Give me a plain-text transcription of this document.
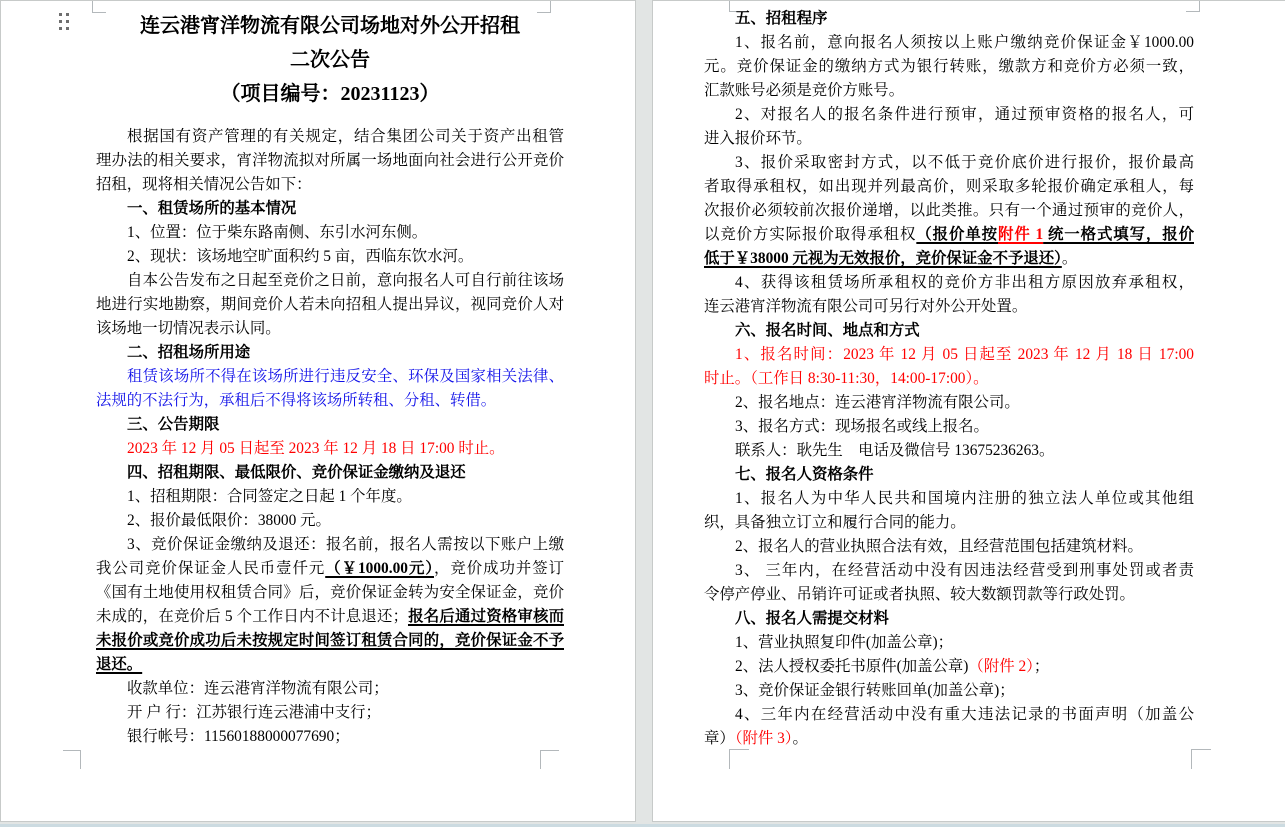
连云港宵洋物流有限公司场地对外公开招租
二次公告
（项目编号：20231123）
根据国有资产管理的有关规定，结合集团公司关于资产出租管
理办法的相关要求，宵洋物流拟对所属一场地面向社会进行公开竞价
招租，现将相关情况公告如下：
一、租赁场所的基本情况
1、位置：位于柴东路南侧、东引水河东侧。
2、现状：该场地空旷面积约 5 亩，西临东饮水河。
自本公告发布之日起至竞价之日前，意向报名人可自行前往该场
地进行实地勘察，期间竞价人若未向招租人提出异议，视同竞价人对
该场地一切情况表示认同。
二、招租场所用途
租赁该场所不得在该场所进行违反安全、环保及国家相关法律、
法规的不法行为，承租后不得将该场所转租、分租、转借。
三、公告期限
2023 年 12 月 05 日起至 2023 年 12 月 18 日 17:00 时止。
四、招租期限、最低限价、竞价保证金缴纳及退还
1、招租期限：合同签定之日起 1 个年度。
2、报价最低限价：38000 元。
3、竞价保证金缴纳及退还：报名前，报名人需按以下账户上缴
我公司竞价保证金人民币壹仟元（￥1000.00元），竞价成功并签订
《国有土地使用权租赁合同》后，竞价保证金转为安全保证金，竞价
未成的，在竞价后 5 个工作日内不计息退还；报名后通过资格审核而
未报价或竞价成功后未按规定时间签订租赁合同的，竞价保证金不予
退还。
收款单位：连云港宵洋物流有限公司；
开 户 行：江苏银行连云港浦中支行；
银行帐号：11560188000077690；
五、招租程序
1、报名前，意向报名人须按以上账户缴纳竞价保证金￥1000.00
元。竞价保证金的缴纳方式为银行转账，缴款方和竞价方必须一致，
汇款账号必须是竞价方账号。
2、对报名人的报名条件进行预审，通过预审资格的报名人，可
进入报价环节。
3、报价采取密封方式，以不低于竞价底价进行报价，报价最高
者取得承租权，如出现并列最高价，则采取多轮报价确定承租人，每
次报价必须较前次报价递增，以此类推。只有一个通过预审的竞价人，
以竞价方实际报价取得承租权（报价单按附件 1 统一格式填写，报价
低于￥38000 元视为无效报价，竞价保证金不予退还）。
4、获得该租赁场所承租权的竞价方非出租方原因放弃承租权，
连云港宵洋物流有限公司可另行对外公开处置。
六、报名时间、地点和方式
1、报名时间：2023 年 12 月 05 日起至 2023 年 12 月 18 日 17:00
时止。（工作日 8:30-11:30，14:00-17:00）。
2、报名地点：连云港宵洋物流有限公司。
3、报名方式：现场报名或线上报名。
联系人：耿先生　电话及微信号 13675236263。
七、报名人资格条件
1、报名人为中华人民共和国境内注册的独立法人单位或其他组
织，具备独立订立和履行合同的能力。
2、报名人的营业执照合法有效，且经营范围包括建筑材料。
3、 三年内，在经营活动中没有因违法经营受到刑事处罚或者责
令停产停业、吊销许可证或者执照、较大数额罚款等行政处罚。
八、报名人需提交材料
1、营业执照复印件(加盖公章)；
2、法人授权委托书原件(加盖公章)（附件 2）；
3、竞价保证金银行转账回单(加盖公章)；
4、三年内在经营活动中没有重大违法记录的书面声明（加盖公
章）（附件 3）。
